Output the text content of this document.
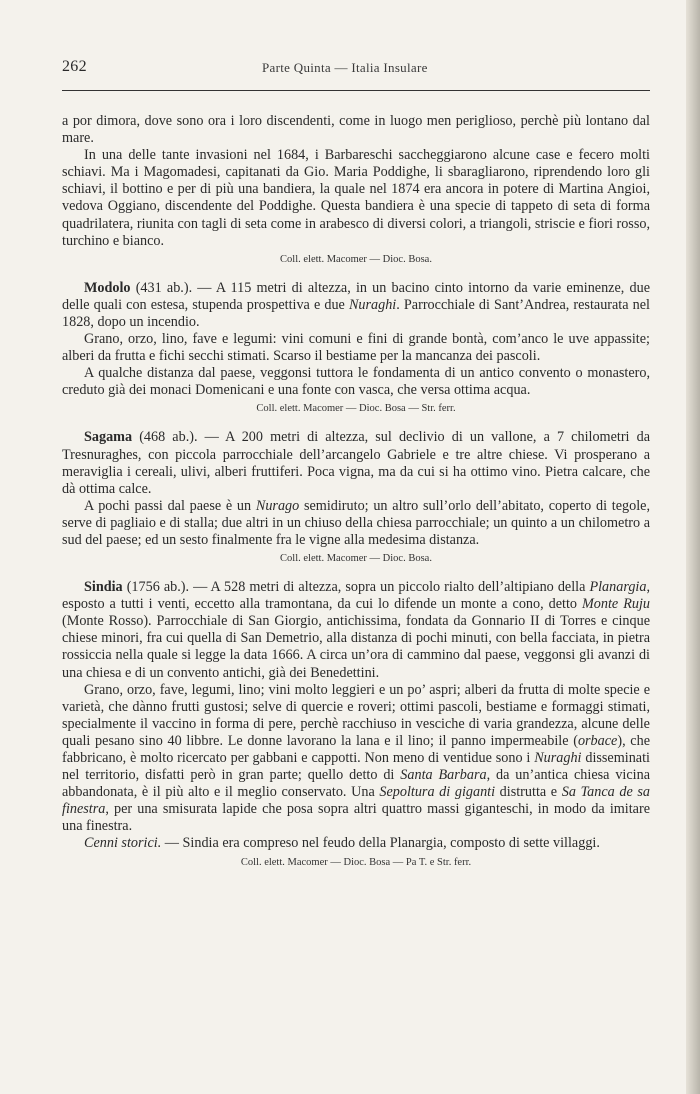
262	Parte Quinta — Italia Insulare

a por dimora, dove sono ora i loro discendenti, come in luogo men periglioso, perchè più lontano dal mare.

In una delle tante invasioni nel 1684, i Barbareschi saccheggiarono alcune case e fecero molti schiavi. Ma i Magomadesi, capitanati da Gio. Maria Poddighe, li sbaragliarono, riprendendo loro gli schiavi, il bottino e per di più una bandiera, la quale nel 1874 era ancora in potere di Martina Angioi, vedova Oggiano, discendente del Poddighe. Questa bandiera è una specie di tappeto di seta di forma quadrilatera, riunita con tagli di seta come in arabesco di diversi colori, a triangoli, striscie e fiori rosso, turchino e bianco.

Coll. elett. Macomer — Dioc. Bosa.

Modolo (431 ab.). — A 115 metri di altezza, in un bacino cinto intorno da varie eminenze, due delle quali con estesa, stupenda prospettiva e due Nuraghi. Parrocchiale di Sant’Andrea, restaurata nel 1828, dopo un incendio.

Grano, orzo, lino, fave e legumi: vini comuni e fini di grande bontà, com’anco le uve appassite; alberi da frutta e fichi secchi stimati. Scarso il bestiame per la mancanza dei pascoli.

A qualche distanza dal paese, veggonsi tuttora le fondamenta di un antico convento o monastero, creduto già dei monaci Domenicani e una fonte con vasca, che versa ottima acqua.

Coll. elett. Macomer — Dioc. Bosa — Str. ferr.

Sagama (468 ab.). — A 200 metri di altezza, sul declivio di un vallone, a 7 chilometri da Tresnuraghes, con piccola parrocchiale dell’arcangelo Gabriele e tre altre chiese. Vi prosperano a meraviglia i cereali, ulivi, alberi fruttiferi. Poca vigna, ma da cui si ha ottimo vino. Pietra calcare, che dà ottima calce.

A pochi passi dal paese è un Nurago semidiruto; un altro sull’orlo dell’abitato, coperto di tegole, serve di pagliaio e di stalla; due altri in un chiuso della chiesa parrocchiale; un quinto a un chilometro a sud del paese; ed un sesto finalmente fra le vigne alla medesima distanza.

Coll. elett. Macomer — Dioc. Bosa.

Sindia (1756 ab.). — A 528 metri di altezza, sopra un piccolo rialto dell’altipiano della Planargia, esposto a tutti i venti, eccetto alla tramontana, da cui lo difende un monte a cono, detto Monte Ruju (Monte Rosso). Parrocchiale di San Giorgio, antichissima, fondata da Gonnario II di Torres e cinque chiese minori, fra cui quella di San Demetrio, alla distanza di pochi minuti, con bella facciata, in pietra rossiccia nella quale si legge la data 1666. A circa un’ora di cammino dal paese, veggonsi gli avanzi di una chiesa e di un convento antichi, già dei Benedettini.

Grano, orzo, fave, legumi, lino; vini molto leggieri e un po’ aspri; alberi da frutta di molte specie e varietà, che dànno frutti gustosi; selve di quercie e roveri; ottimi pascoli, bestiame e formaggi stimati, specialmente il vaccino in forma di pere, perchè racchiuso in vesciche di varia grandezza, alcune delle quali pesano sino 40 libbre. Le donne lavorano la lana e il lino; il panno impermeabile (orbace), che fabbricano, è molto ricercato per gabbani e cappotti. Non meno di ventidue sono i Nuraghi disseminati nel territorio, disfatti però in gran parte; quello detto di Santa Barbara, da un’antica chiesa vicina abbandonata, è il più alto e il meglio conservato. Una Sepoltura di giganti distrutta e Sa Tanca de sa finestra, per una smisurata lapide che posa sopra altri quattro massi giganteschi, in modo da imitare una finestra.

Cenni storici. — Sindia era compreso nel feudo della Planargia, composto di sette villaggi.

Coll. elett. Macomer — Dioc. Bosa — Pa T. e Str. ferr.
